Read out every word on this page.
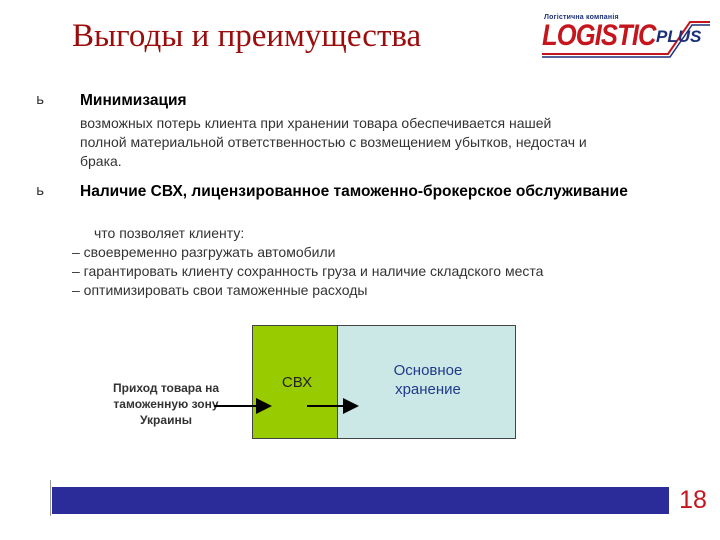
Выгоды и преимущества
Логістична компанія
LOGISTIC PLUS
ь Минимизация
возможных потерь клиента при хранении товара обеспечивается нашей
полной материальной ответственностью с возмещением убытков, недостач и
брака.
ь Наличие СВХ, лицензированное таможенно-брокерское обслуживание
что позволяет клиенту:
– своевременно разгружать автомобили
– гарантировать клиенту сохранность груза и наличие складского места
– оптимизировать свои таможенные расходы
СВХ
Основное хранение
Приход товара на таможенную зону Украины
18
